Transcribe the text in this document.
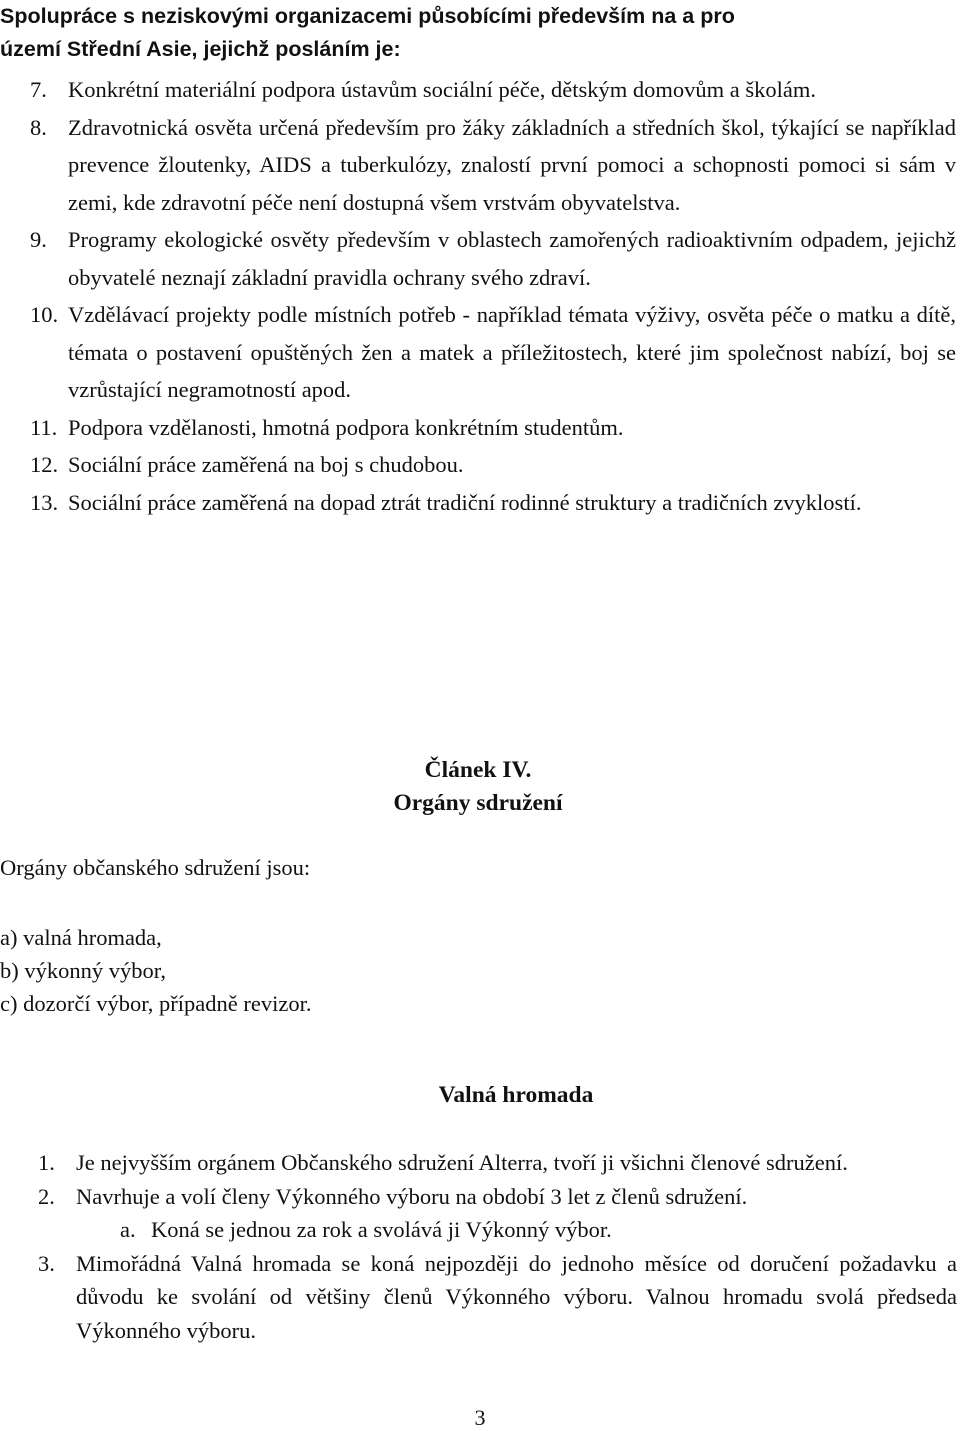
Spolupráce s neziskovými organizacemi působícími především na a pro
území Střední Asie, jejichž posláním je:
7. Konkrétní materiální podpora ústavům sociální péče, dětským domovům a školám.
8. Zdravotnická osvěta určená především pro žáky základních a středních škol, týkající se například prevence žloutenky, AIDS a tuberkulózy, znalostí první pomoci a schopnosti pomoci si sám v zemi, kde zdravotní péče není dostupná všem vrstvám obyvatelstva.
9. Programy ekologické osvěty především v oblastech zamořených radioaktivním odpadem, jejichž obyvatelé neznají základní pravidla ochrany svého zdraví.
10. Vzdělávací projekty podle místních potřeb - například témata výživy, osvěta péče o matku a dítě, témata o postavení opuštěných žen a matek a příležitostech, které jim společnost nabízí, boj se vzrůstající negramotností apod.
11. Podpora vzdělanosti, hmotná podpora konkrétním studentům.
12. Sociální práce zaměřená na boj s chudobou.
13. Sociální práce zaměřená na dopad ztrát tradiční rodinné struktury a tradičních zvyklostí.
Článek IV.
Orgány sdružení
Orgány občanského sdružení jsou:
a) valná hromada,
b) výkonný výbor,
c) dozorčí výbor, případně revizor.
Valná hromada
1. Je nejvyšším orgánem Občanského sdružení Alterra, tvoří ji všichni členové sdružení.
2. Navrhuje a volí členy Výkonného výboru na období 3 let z členů sdružení.
a. Koná se jednou za rok a svolává ji Výkonný výbor.
3. Mimořádná Valná hromada se koná nejpozději do jednoho měsíce od doručení požadavku a důvodu ke svolání od většiny členů Výkonného výboru. Valnou hromadu svolá předseda Výkonného výboru.
3
